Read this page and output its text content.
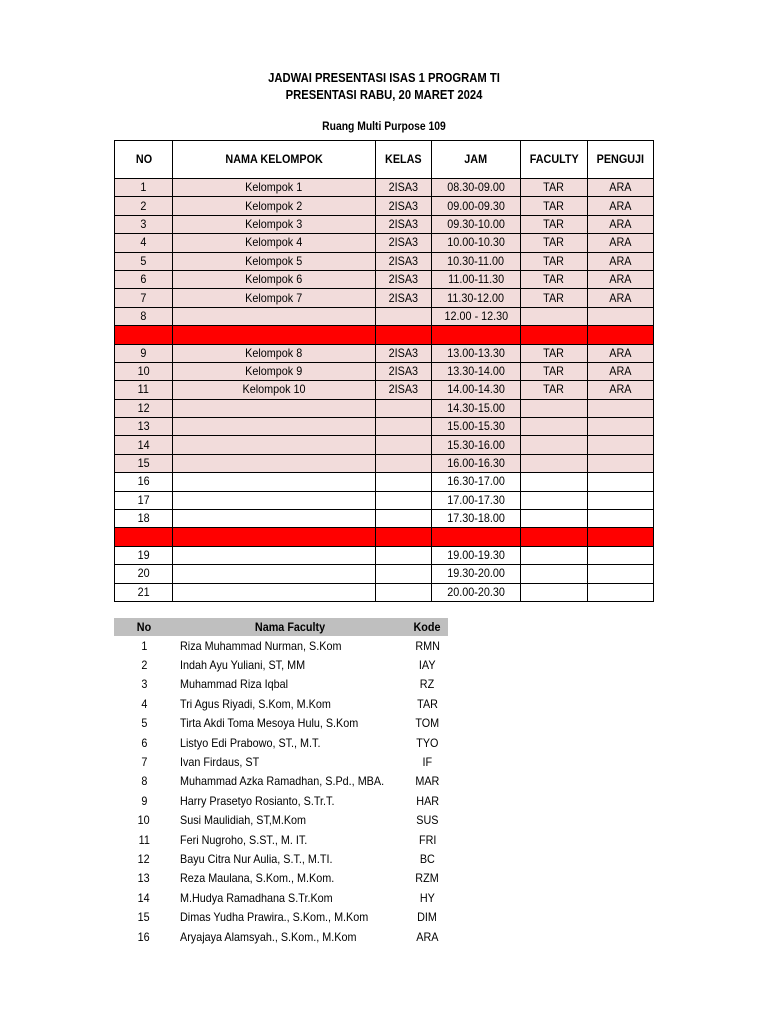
JADWAI PRESENTASI ISAS 1 PROGRAM TI
PRESENTASI RABU, 20 MARET 2024
Ruang Multi Purpose 109
NO	NAMA KELOMPOK	KELAS	JAM	FACULTY	PENGUJI
1	Kelompok 1	2ISA3	08.30-09.00	TAR	ARA
2	Kelompok 2	2ISA3	09.00-09.30	TAR	ARA
3	Kelompok 3	2ISA3	09.30-10.00	TAR	ARA
4	Kelompok 4	2ISA3	10.00-10.30	TAR	ARA
5	Kelompok 5	2ISA3	10.30-11.00	TAR	ARA
6	Kelompok 6	2ISA3	11.00-11.30	TAR	ARA
7	Kelompok 7	2ISA3	11.30-12.00	TAR	ARA
8			12.00 - 12.30		

9	Kelompok 8	2ISA3	13.00-13.30	TAR	ARA
10	Kelompok 9	2ISA3	13.30-14.00	TAR	ARA
11	Kelompok 10	2ISA3	14.00-14.30	TAR	ARA
12			14.30-15.00		
13			15.00-15.30		
14			15.30-16.00		
15			16.00-16.30		
16			16.30-17.00		
17			17.00-17.30		
18			17.30-18.00		

19			19.00-19.30		
20			19.30-20.00		
21			20.00-20.30		
No	Nama Faculty	Kode
1	Riza Muhammad Nurman, S.Kom	RMN
2	Indah Ayu Yuliani, ST, MM	IAY
3	Muhammad Riza Iqbal	RZ
4	Tri Agus Riyadi, S.Kom, M.Kom	TAR
5	Tirta Akdi Toma Mesoya Hulu, S.Kom	TOM
6	Listyo Edi Prabowo, ST., M.T.	TYO
7	Ivan Firdaus, ST	IF
8	Muhammad Azka Ramadhan, S.Pd., MBA.	MAR
9	Harry Prasetyo Rosianto, S.Tr.T.	HAR
10	Susi Maulidiah, ST,M.Kom	SUS
11	Feri Nugroho, S.ST., M. IT.	FRI
12	Bayu Citra Nur Aulia, S.T., M.TI.	BC
13	Reza Maulana, S.Kom., M.Kom.	RZM
14	M.Hudya Ramadhana S.Tr.Kom	HY
15	Dimas Yudha Prawira., S.Kom., M.Kom	DIM
16	Aryajaya Alamsyah., S.Kom., M.Kom	ARA
